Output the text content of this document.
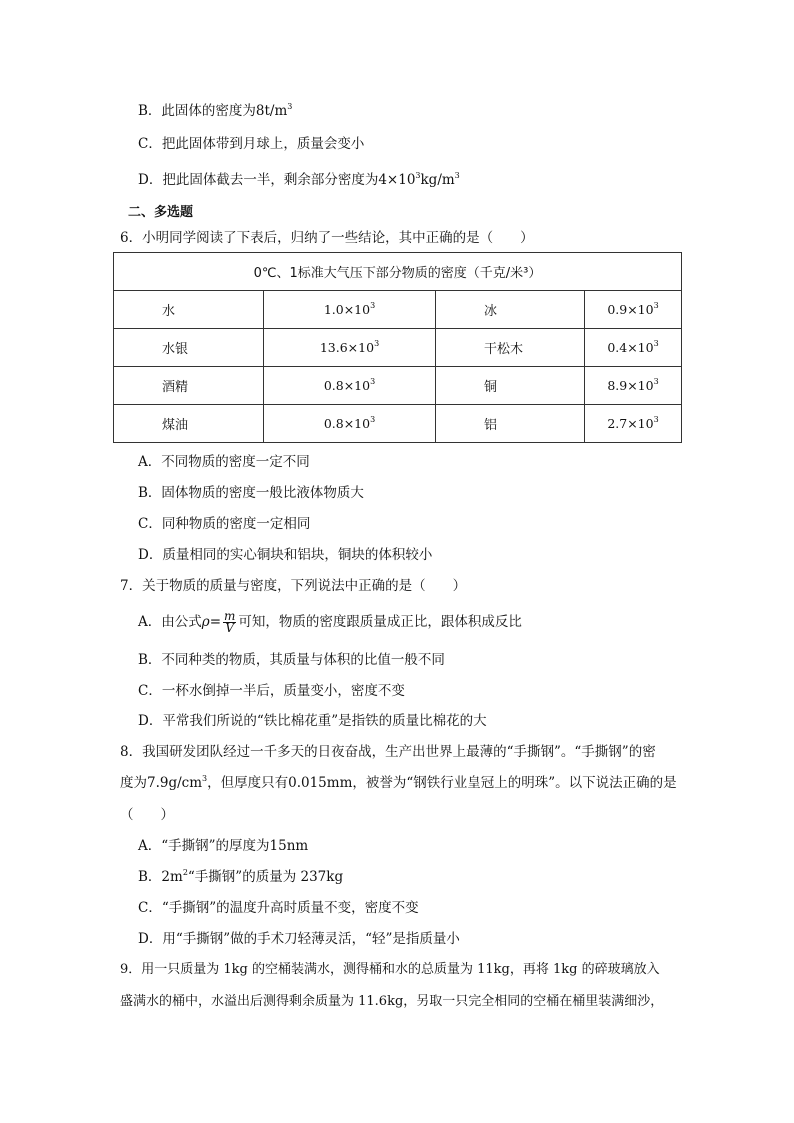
B．此固体的密度为$8t/m^3$
C．把此固体带到月球上，质量会变小
D．把此固体截去一半，剩余部分密度为$4\times 10^3kg/m^3$
二、多选题
6．小明同学阅读了下表后，归纳了一些结论，其中正确的是（　　）
0℃、1标准大气压下部分物质的密度（千克/米³）			
水	$1.0\times 10^3$	冰	$0.9\times 10^3$
水银	$13.6\times 10^3$	干松木	$0.4\times 10^3$
酒精	$0.8\times 10^3$	铜	$8.9\times 10^3$
煤油	$0.8\times 10^3$	铝	$2.7\times 10^3$
A．不同物质的密度一定不同
B．固体物质的密度一般比液体物质大
C．同种物质的密度一定相同
D．质量相同的实心铜块和铝块，铜块的体积较小
7．关于物质的质量与密度，下列说法中正确的是（　　）
A．由公式$\rho= \frac{m}{V}$ 可知，物质的密度跟质量成正比，跟体积成反比
B．不同种类的物质，其质量与体积的比值一般不同
C．一杯水倒掉一半后，质量变小，密度不变
D．平常我们所说的“铁比棉花重”是指铁的质量比棉花的大
8．我国研发团队经过一千多天的日夜奋战，生产出世界上最薄的“手撕钢”。“手撕钢”的密
度为$7.9g/cm^3$，但厚度只有0.015mm，被誉为“钢铁行业皇冠上的明珠”。以下说法正确的是
（　　）
A．“手撕钢”的厚度为15nm
B．$2m^2“$手撕钢”的质量为 237kg
C．“手撕钢”的温度升高时质量不变，密度不变
D．用“手撕钢”做的手术刀轻薄灵活，“轻”是指质量小
9．用一只质量为 1kg 的空桶装满水，测得桶和水的总质量为 11kg，再将 1kg 的碎玻璃放入
盛满水的桶中，水溢出后测得剩余质量为 11.6kg，另取一只完全相同的空桶在桶里装满细沙，
